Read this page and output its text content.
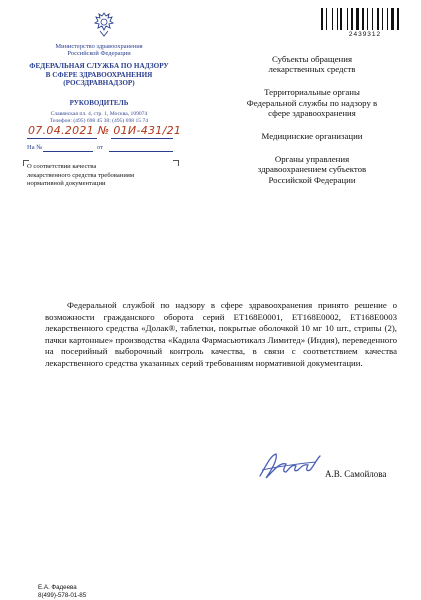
2439312
Министерство здравоохранения
Российской Федерации
ФЕДЕРАЛЬНАЯ СЛУЖБА ПО НАДЗОРУ
В СФЕРЕ ЗДРАВООХРАНЕНИЯ
(РОСЗДРАВНАДЗОР)
РУКОВОДИТЕЛЬ
Славянская пл. 4, стр. 1, Москва, 109074
Телефон: (495) 698 45 38; (495) 698 15 74
07.04.2021 № 01И-431/21
На №	от
О соответствии качества
лекарственного средства требованиям
нормативной документации

Субъекты обращения
лекарственных средств

Территориальные органы
Федеральной службы по надзору в
сфере здравоохранения

Медицинские организации

Органы управления
здравоохранением субъектов
Российской Федерации

Федеральной службой по надзору в сфере здравоохранения принято решение о возможности гражданского оборота серий ЕТ168Е0001, ЕТ168Е0002, ЕТ168Е0003 лекарственного средства «Долак®, таблетки, покрытые оболочкой 10 мг 10 шт., стрипы (2), пачки картонные» производства «Кадила Фармасьютикалз Лимитед» (Индия), переведенного на посерийный выборочный контроль качества, в связи с соответствием качества лекарственного средства указанных серий требованиям нормативной документации.

А.В. Самойлова
Е.А. Фадеева
8(499)-578-01-85
